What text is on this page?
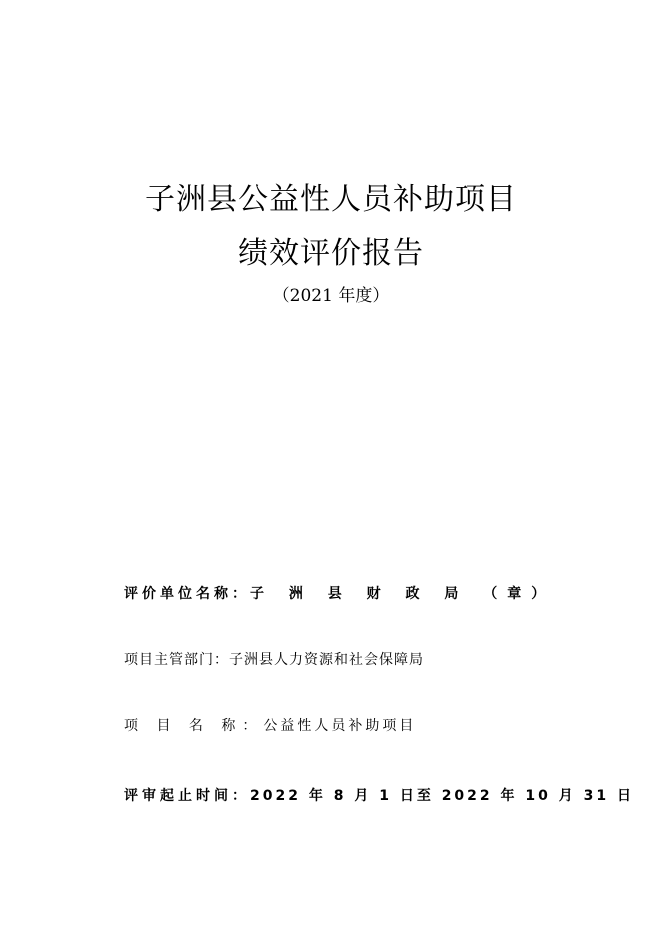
子洲县公益性人员补助项目
绩效评价报告
（2021 年度）
评价单位名称：子 洲 县 财 政 局 （章）
项目主管部门：子洲县人力资源和社会保障局
项 目 名 称：公益性人员补助项目
评审起止时间：2022 年 8 月 1 日至 2022 年 10 月 31 日
